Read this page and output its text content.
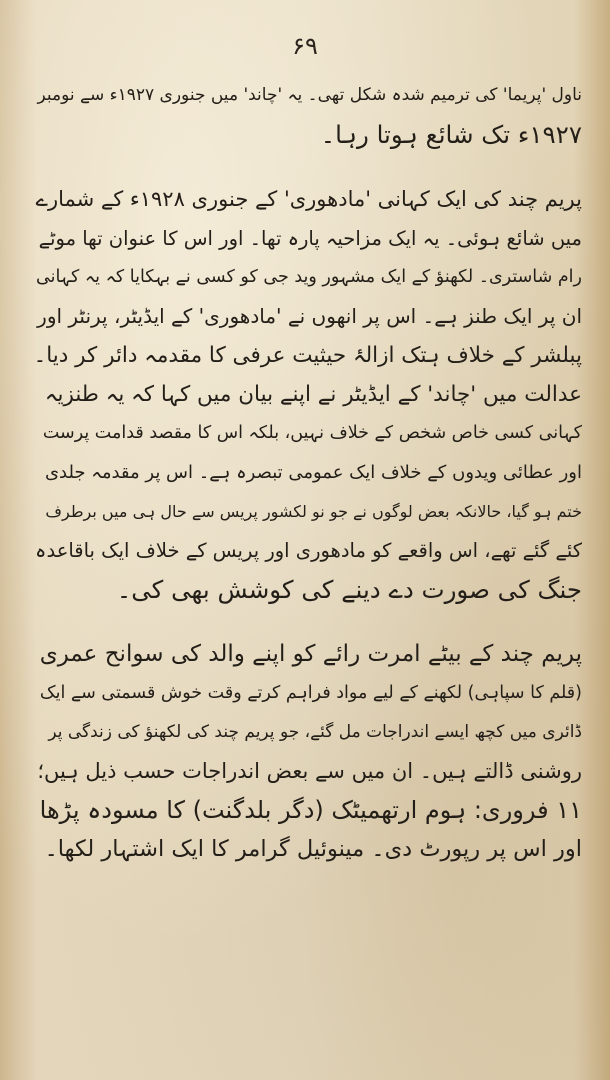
۶۹
ناول 'پریما' کی ترمیم شدہ شکل تھی۔ یہ 'چاند' میں جنوری ۱۹۲۷ء سے نومبر
۱۹۲۷ء تک شائع ہوتا رہا۔
پریم چند کی ایک کہانی 'مادھوری' کے جنوری ۱۹۲۸ء کے شمارے
میں شائع ہوئی۔ یہ ایک مزاحیہ پارہ تھا۔ اور اس کا عنوان تھا موٹے
رام شاستری۔ لکھنؤ کے ایک مشہور وید جی کو کسی نے بہکایا کہ یہ کہانی
ان پر ایک طنز ہے۔ اس پر انھوں نے 'مادھوری' کے ایڈیٹر، پرنٹر اور
پبلشر کے خلاف ہتک ازالۂ حیثیت عرفی کا مقدمہ دائر کر دیا۔
عدالت میں 'چاند' کے ایڈیٹر نے اپنے بیان میں کہا کہ یہ طنزیہ
کہانی کسی خاص شخص کے خلاف نہیں، بلکہ اس کا مقصد قدامت پرست
اور عطائی ویدوں کے خلاف ایک عمومی تبصرہ ہے۔ اس پر مقدمہ جلدی
ختم ہو گیا، حالانکہ بعض لوگوں نے جو نو لکشور پریس سے حال ہی میں برطرف
کئے گئے تھے، اس واقعے کو مادھوری اور پریس کے خلاف ایک باقاعدہ
جنگ کی صورت دے دینے کی کوشش بھی کی۔
پریم چند کے بیٹے امرت رائے کو اپنے والد کی سوانح عمری
(قلم کا سپاہی) لکھنے کے لیے مواد فراہم کرتے وقت خوش قسمتی سے ایک
ڈائری میں کچھ ایسے اندراجات مل گئے، جو پریم چند کی لکھنؤ کی زندگی پر
روشنی ڈالتے ہیں۔ ان میں سے بعض اندراجات حسب ذیل ہیں؛
۱۱ فروری: ہوم ارتھمیٹک (دگر بلدگنت) کا مسودہ پڑھا
اور اس پر رپورٹ دی۔ مینوئیل گرامر کا ایک اشتہار لکھا۔
